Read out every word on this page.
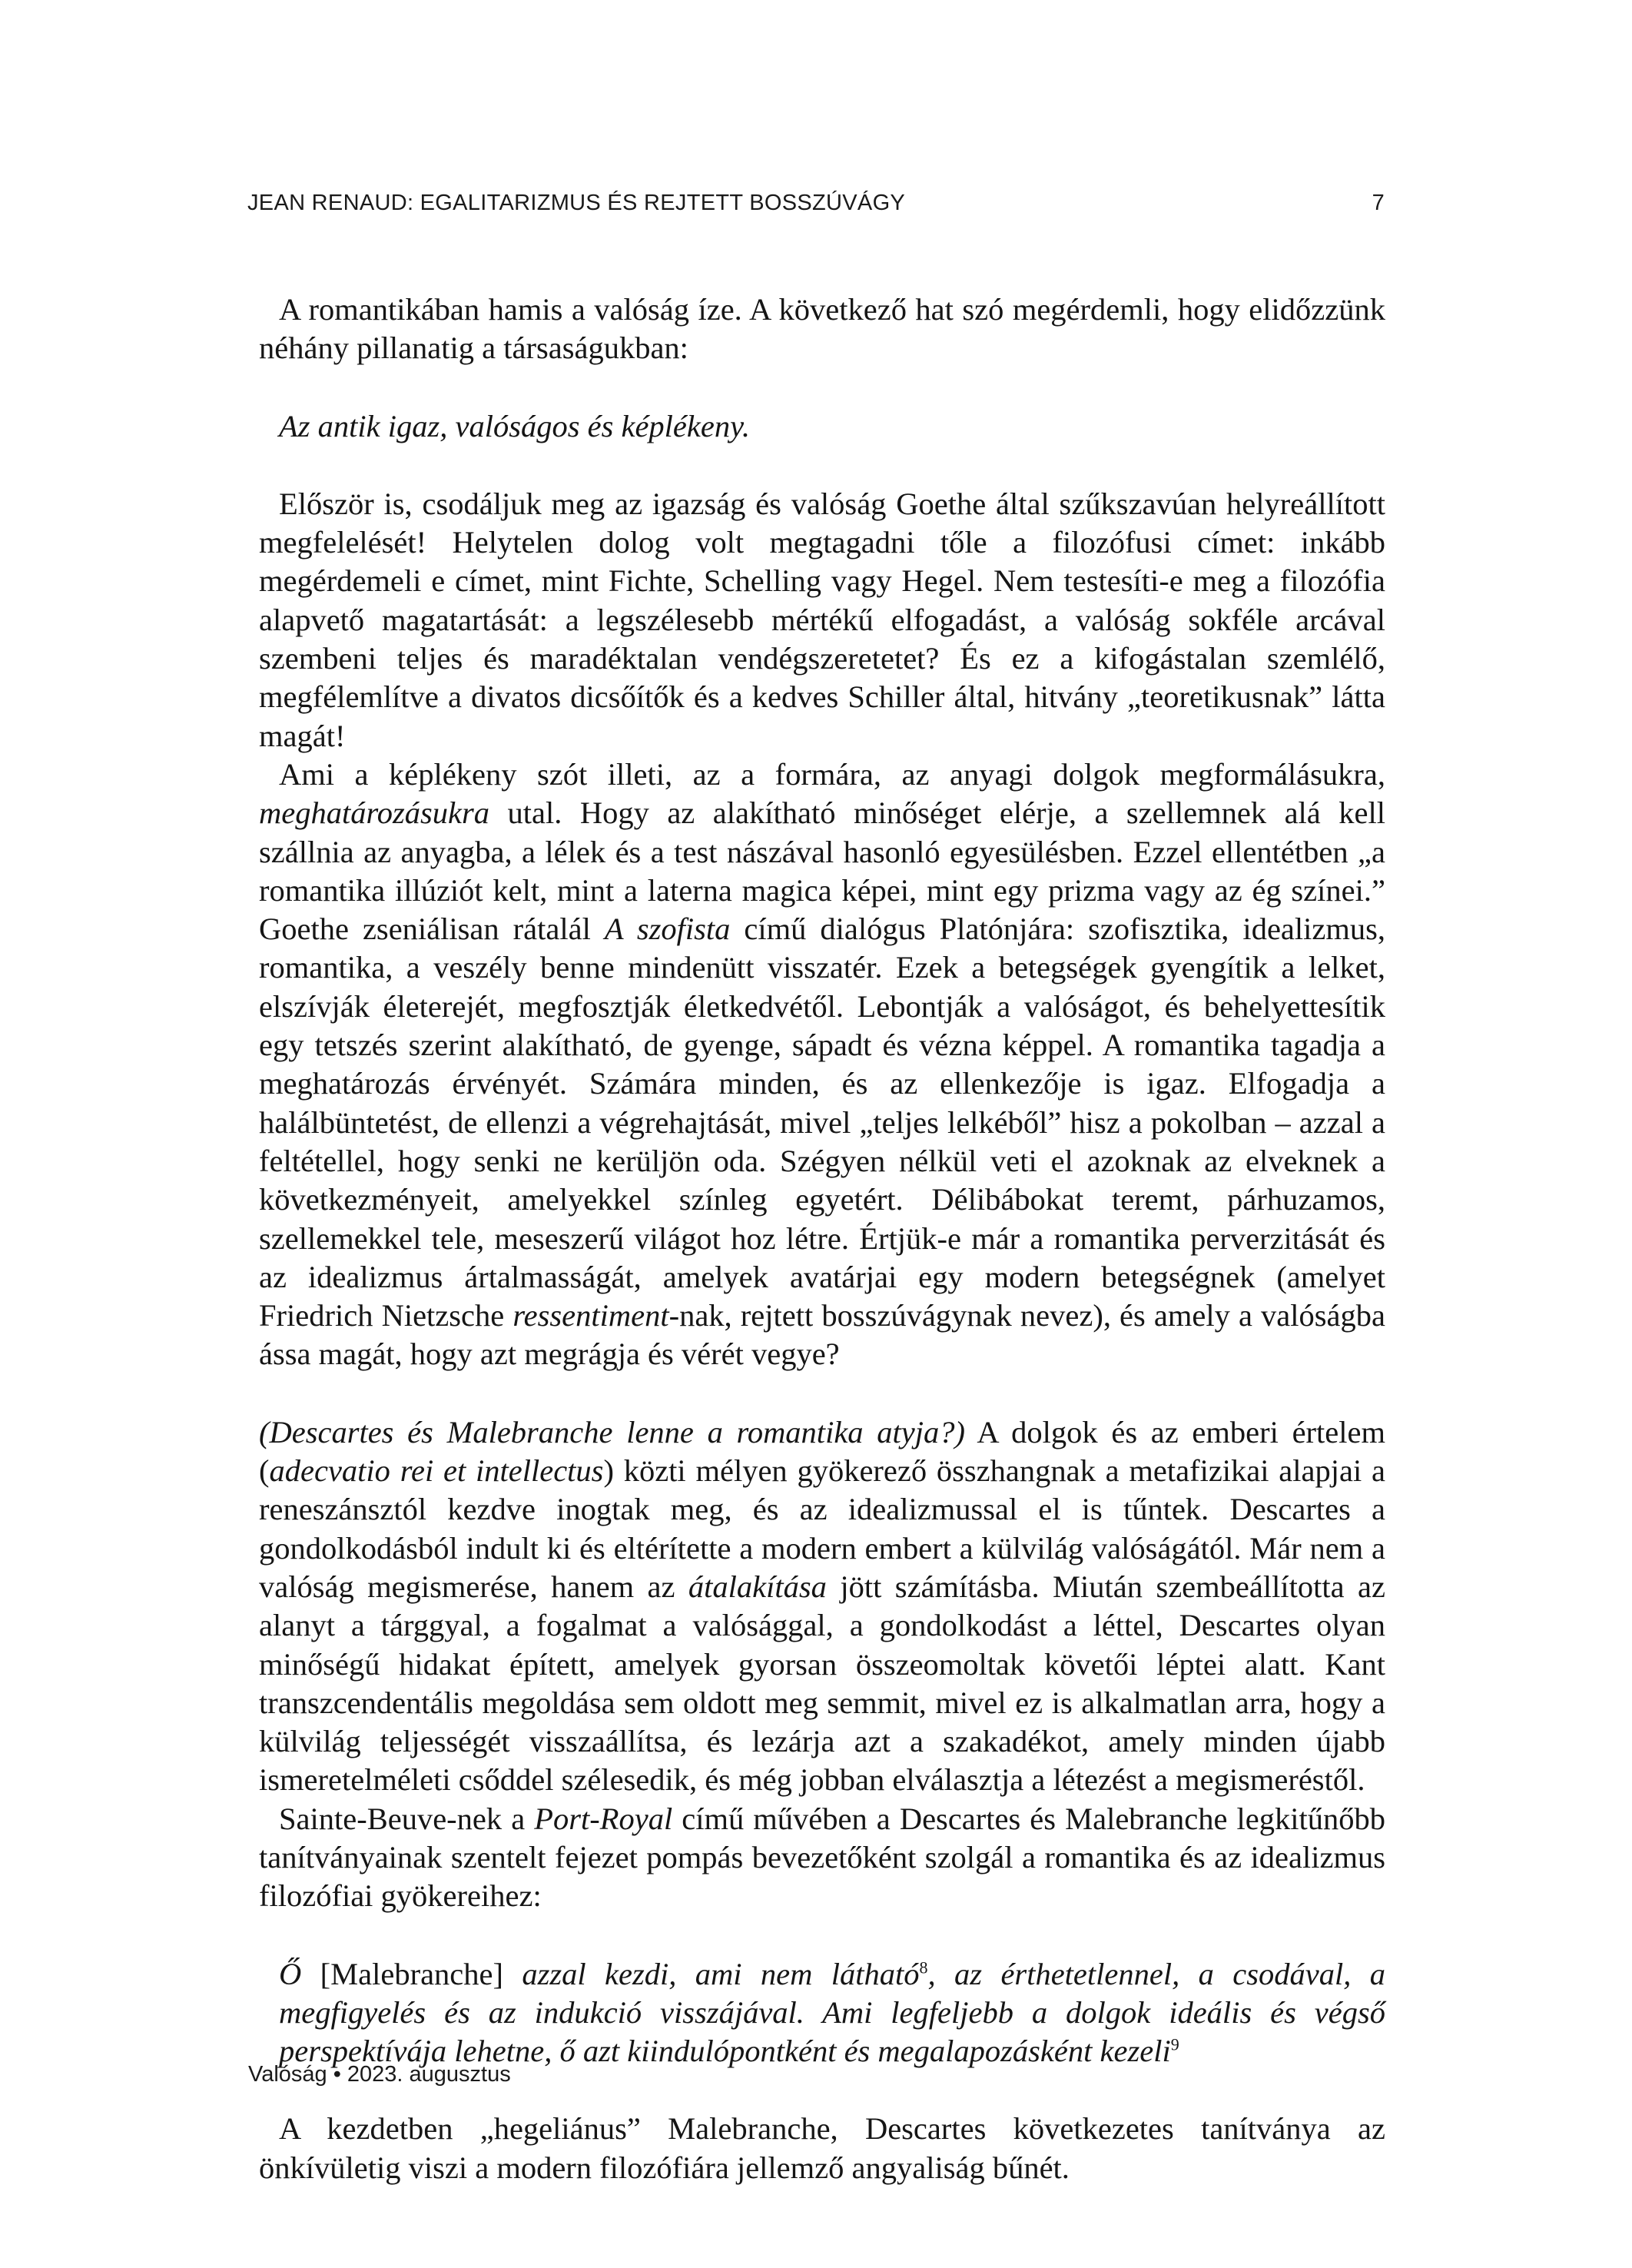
JEAN RENAUD: EGALITARIZMUS ÉS REJTETT BOSSZÚVÁGY	7

A romantikában hamis a valóság íze. A következő hat szó megérdemli, hogy elidőzzünk néhány pillanatig a társaságukban:

Az antik igaz, valóságos és képlékeny.

Először is, csodáljuk meg az igazság és valóság Goethe által szűkszavúan helyreállított megfelelését! Helytelen dolog volt megtagadni tőle a filozófusi címet: inkább megérdemeli e címet, mint Fichte, Schelling vagy Hegel. Nem testesíti-e meg a filozófia alapvető magatartását: a legszélesebb mértékű elfogadást, a valóság sokféle arcával szembeni teljes és maradéktalan vendégszeretetet? És ez a kifogástalan szemlélő, megfélemlítve a divatos dicsőítők és a kedves Schiller által, hitvány „teoretikusnak” látta magát!

Ami a képlékeny szót illeti, az a formára, az anyagi dolgok megformálásukra, meghatározásukra utal. Hogy az alakítható minőséget elérje, a szellemnek alá kell szállnia az anyagba, a lélek és a test nászával hasonló egyesülésben. Ezzel ellentétben „a romantika illúziót kelt, mint a laterna magica képei, mint egy prizma vagy az ég színei.” Goethe zseniálisan rátalál A szofista című dialógus Platónjára: szofisztika, idealizmus, romantika, a veszély benne mindenütt visszatér. Ezek a betegségek gyengítik a lelket, elszívják életerejét, megfosztják életkedvétől. Lebontják a valóságot, és behelyettesítik egy tetszés szerint alakítható, de gyenge, sápadt és vézna képpel. A romantika tagadja a meghatározás érvényét. Számára minden, és az ellenkezője is igaz. Elfogadja a halálbüntetést, de ellenzi a végrehajtását, mivel „teljes lelkéből” hisz a pokolban – azzal a feltétellel, hogy senki ne kerüljön oda. Szégyen nélkül veti el azoknak az elveknek a következményeit, amelyekkel színleg egyetért. Délibábokat teremt, párhuzamos, szellemekkel tele, meseszerű világot hoz létre. Értjük-e már a romantika perverzitását és az idealizmus ártalmasságát, amelyek avatárjai egy modern betegségnek (amelyet Friedrich Nietzsche ressentiment-nak, rejtett bosszúvágynak nevez), és amely a valóságba ássa magát, hogy azt megrágja és vérét vegye?

(Descartes és Malebranche lenne a romantika atyja?) A dolgok és az emberi értelem (adecvatio rei et intellectus) közti mélyen gyökerező összhangnak a metafizikai alapjai a reneszánsztól kezdve inogtak meg, és az idealizmussal el is tűntek. Descartes a gondolkodásból indult ki és eltérítette a modern embert a külvilág valóságától. Már nem a valóság megismerése, hanem az átalakítása jött számításba. Miután szembeállította az alanyt a tárggyal, a fogalmat a valósággal, a gondolkodást a léttel, Descartes olyan minőségű hidakat épített, amelyek gyorsan összeomoltak követői léptei alatt. Kant transzcendentális megoldása sem oldott meg semmit, mivel ez is alkalmatlan arra, hogy a külvilág teljességét visszaállítsa, és lezárja azt a szakadékot, amely minden újabb ismeretelméleti csőddel szélesedik, és még jobban elválasztja a létezést a megismeréstől.

Sainte-Beuve-nek a Port-Royal című művében a Descartes és Malebranche legkitűnőbb tanítványainak szentelt fejezet pompás bevezetőként szolgál a romantika és az idealizmus filozófiai gyökereihez:

Ő [Malebranche] azzal kezdi, ami nem látható$^8$, az érthetetlennel, a csodával, a megfigyelés és az indukció visszájával. Ami legfeljebb a dolgok ideális és végső perspektívája lehetne, ő azt kiindulópontként és megalapozásként kezeli$^9$

A kezdetben „hegeliánus” Malebranche, Descartes következetes tanítványa az önkívületig viszi a modern filozófiára jellemző angyaliság bűnét.

Valóság • 2023. augusztus
